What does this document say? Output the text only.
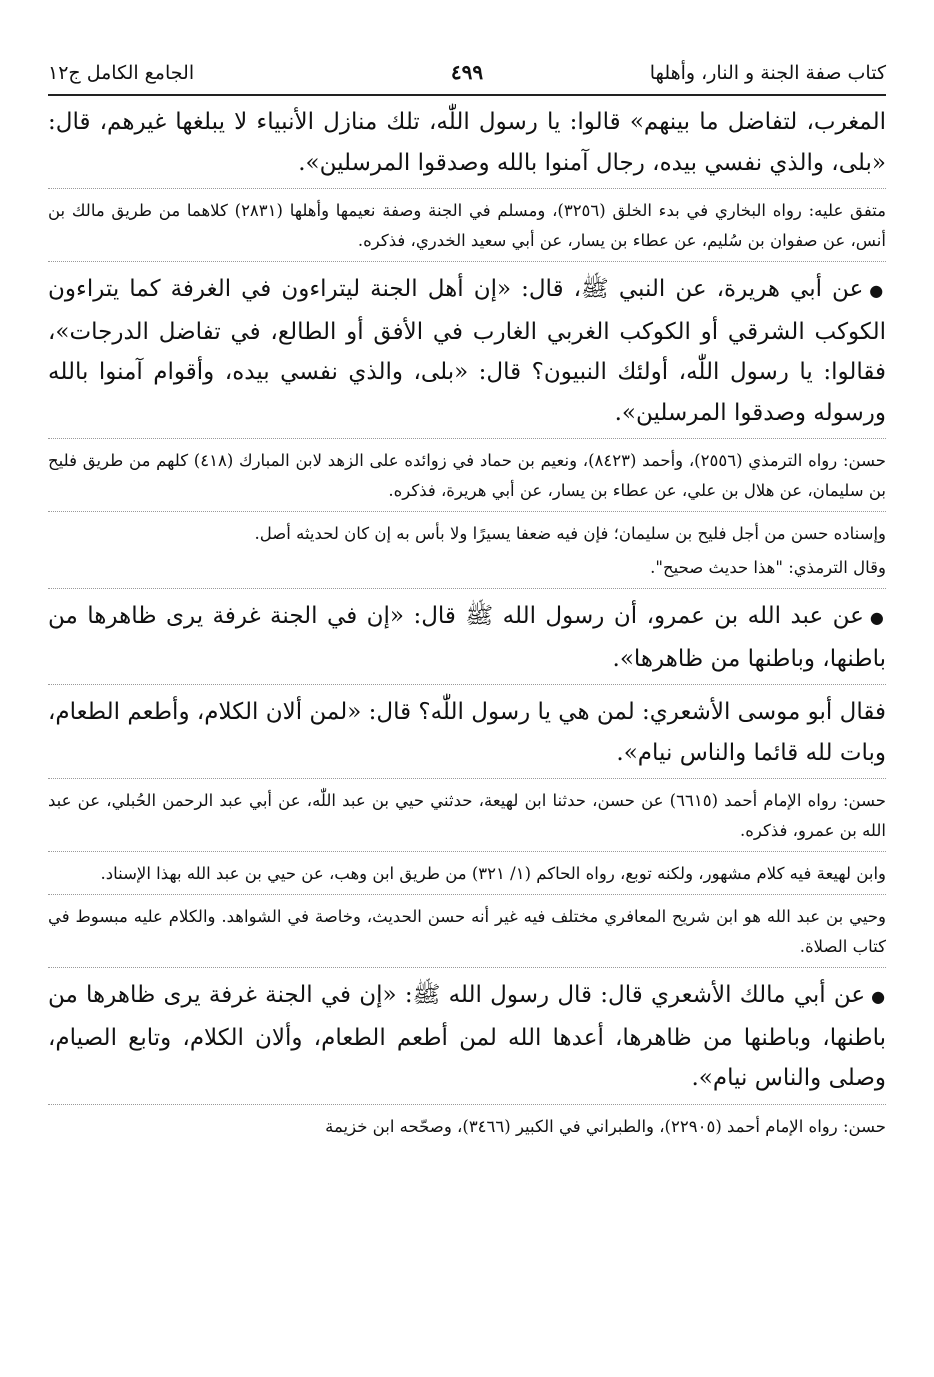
كتاب صفة الجنة و النار، وأهلها
٤٩٩
الجامع الكامل ج١٢

المغرب، لتفاضل ما بينهم» قالوا: يا رسول اللّٰه، تلك منازل الأنبياء لا يبلغها غيرهم، قال: «بلى، والذي نفسي بيده، رجال آمنوا بالله وصدقوا المرسلين».

متفق عليه: رواه البخاري في بدء الخلق (٣٢٥٦)، ومسلم في الجنة وصفة نعيمها وأهلها (٢٨٣١) كلاهما من طريق مالك بن أنس، عن صفوان بن سُليم، عن عطاء بن يسار، عن أبي سعيد الخدري، فذكره.

●عن أبي هريرة، عن النبي ﷺ، قال: «إن أهل الجنة ليتراءون في الغرفة كما يتراءون الكوكب الشرقي أو الكوكب الغربي الغارب في الأفق أو الطالع، في تفاضل الدرجات»، فقالوا: يا رسول اللّٰه، أولئك النبيون؟ قال: «بلى، والذي نفسي بيده، وأقوام آمنوا بالله ورسوله وصدقوا المرسلين».

حسن: رواه الترمذي (٢٥٥٦)، وأحمد (٨٤٢٣)، ونعيم بن حماد في زوائده على الزهد لابن المبارك (٤١٨) كلهم من طريق فليح بن سليمان، عن هلال بن علي، عن عطاء بن يسار، عن أبي هريرة، فذكره.

وإسناده حسن من أجل فليح بن سليمان؛ فإن فيه ضعفا يسيرًا ولا بأس به إن كان لحديثه أصل.

وقال الترمذي: "هذا حديث صحيح".

●عن عبد الله بن عمرو، أن رسول الله ﷺ قال: «إن في الجنة غرفة يرى ظاهرها من باطنها، وباطنها من ظاهرها».

فقال أبو موسى الأشعري: لمن هي يا رسول اللّٰه؟ قال: «لمن ألان الكلام، وأطعم الطعام، وبات لله قائما والناس نيام».

حسن: رواه الإمام أحمد (٦٦١٥) عن حسن، حدثنا ابن لهيعة، حدثني حيي بن عبد اللّٰه، عن أبي عبد الرحمن الحُبلي، عن عبد الله بن عمرو، فذكره.

وابن لهيعة فيه كلام مشهور، ولكنه توبع، رواه الحاكم (١/ ٣٢١) من طريق ابن وهب، عن حيي بن عبد الله بهذا الإسناد.

وحيي بن عبد الله هو ابن شريح المعافري مختلف فيه غير أنه حسن الحديث، وخاصة في الشواهد. والكلام عليه مبسوط في كتاب الصلاة.

●عن أبي مالك الأشعري قال: قال رسول الله ﷺ: «إن في الجنة غرفة يرى ظاهرها من باطنها، وباطنها من ظاهرها، أعدها الله لمن أطعم الطعام، وألان الكلام، وتابع الصيام، وصلى والناس نيام».

حسن: رواه الإمام أحمد (٢٢٩٠٥)، والطبراني في الكبير (٣٤٦٦)، وصحّحه ابن خزيمة
